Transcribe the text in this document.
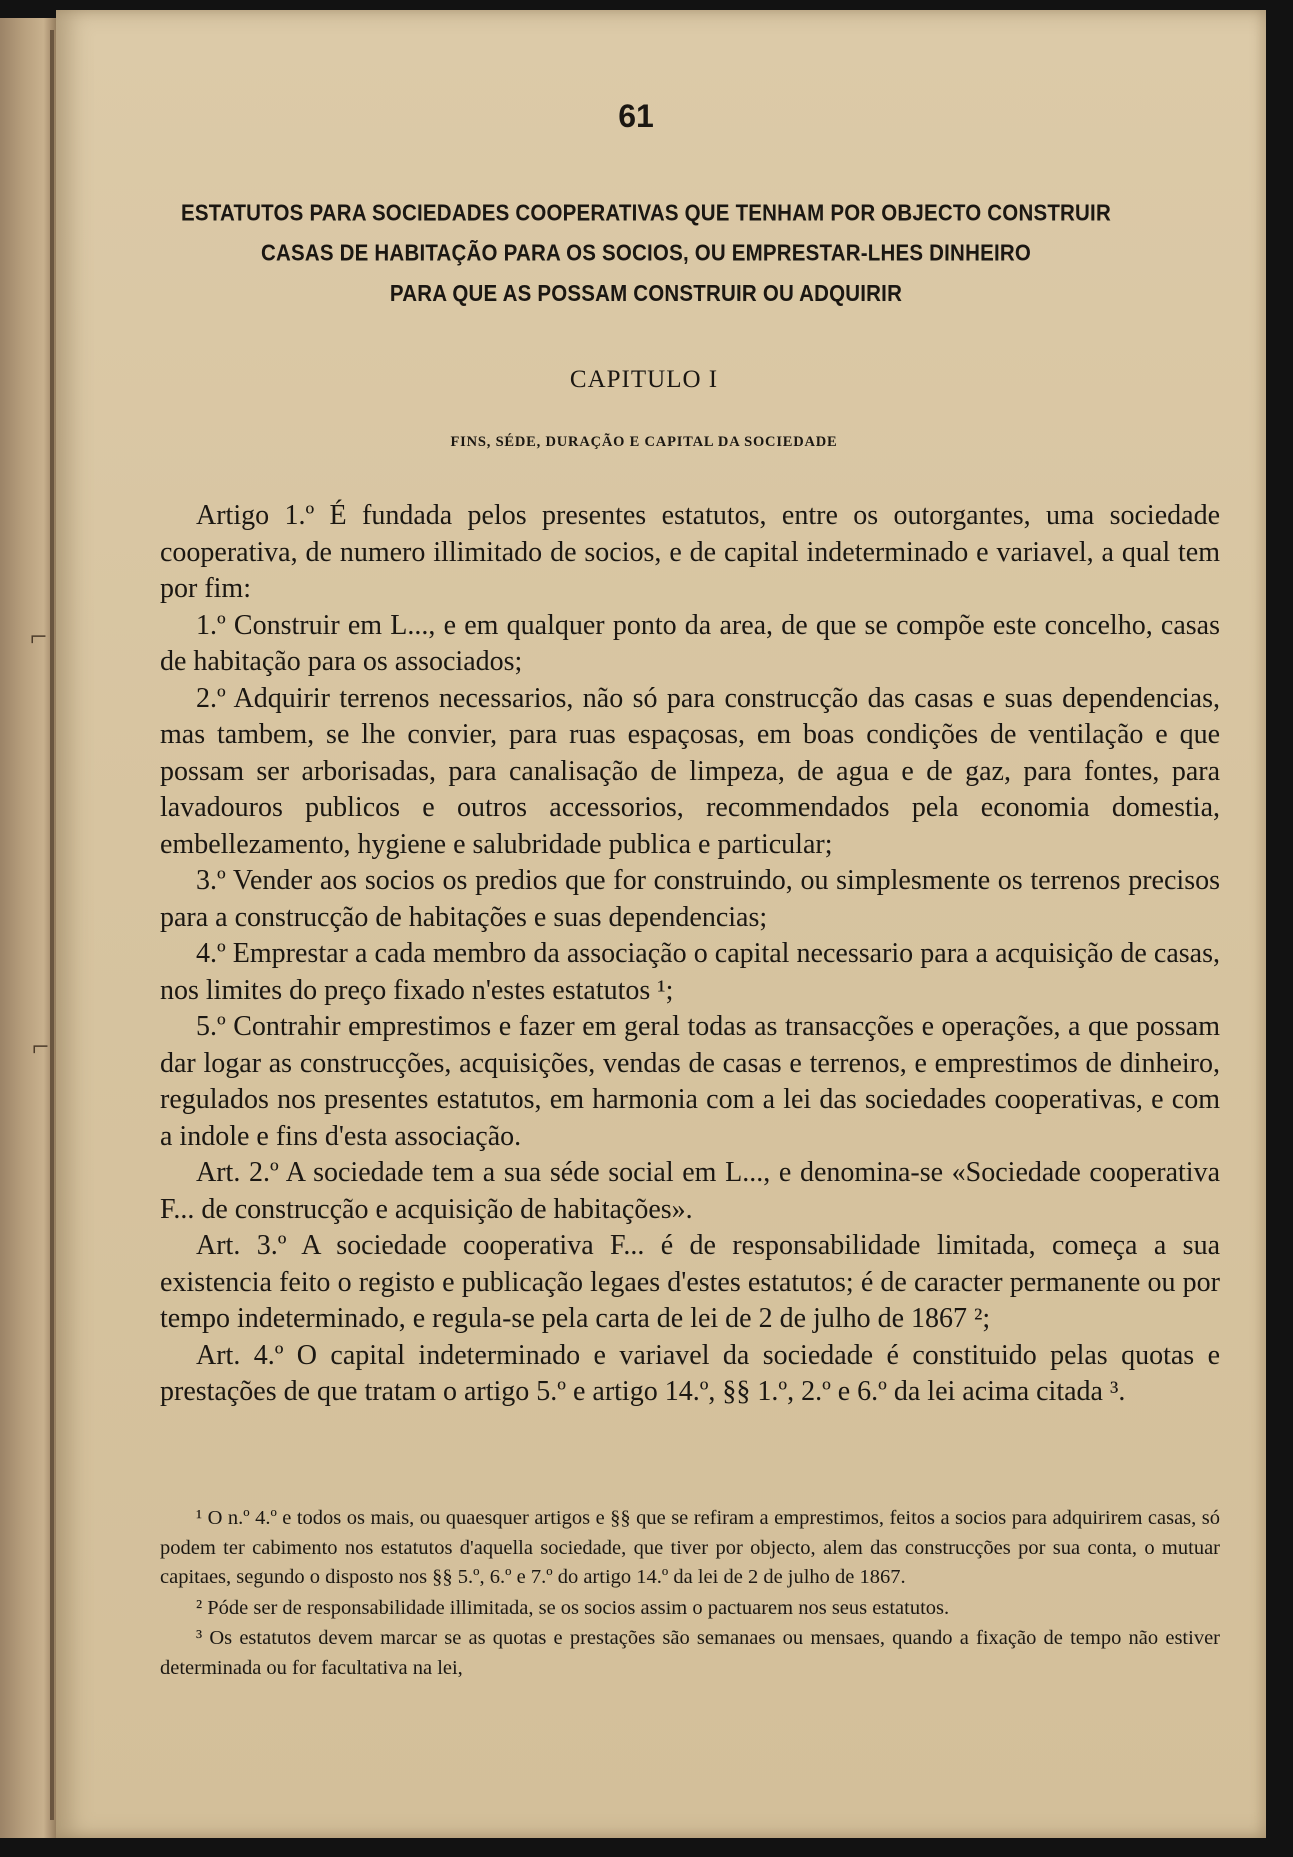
61
ESTATUTOS PARA SOCIEDADES COOPERATIVAS QUE TENHAM POR OBJECTO CONSTRUIR
CASAS DE HABITAÇÃO PARA OS SOCIOS, OU EMPRESTAR-LHES DINHEIRO
PARA QUE AS POSSAM CONSTRUIR OU ADQUIRIR
CAPITULO I
FINS, SÉDE, DURAÇÃO E CAPITAL DA SOCIEDADE

Artigo 1.º É fundada pelos presentes estatutos, entre os outorgantes, uma sociedade cooperativa, de numero illimitado de socios, e de capital indeterminado e variavel, a qual tem por fim:

1.º Construir em L..., e em qualquer ponto da area, de que se compõe este concelho, casas de habitação para os associados;

2.º Adquirir terrenos necessarios, não só para construcção das casas e suas dependencias, mas tambem, se lhe convier, para ruas espaçosas, em boas condições de ventilação e que possam ser arborisadas, para canalisação de limpeza, de agua e de gaz, para fontes, para lavadouros publicos e outros accessorios, recommendados pela economia domestia, embellezamento, hygiene e salubridade publica e particular;

3.º Vender aos socios os predios que for construindo, ou simplesmente os terrenos precisos para a construcção de habitações e suas dependencias;

4.º Emprestar a cada membro da associação o capital necessario para a acquisição de casas, nos limites do preço fixado n'estes estatutos ¹;

5.º Contrahir emprestimos e fazer em geral todas as transacções e operações, a que possam dar logar as construcções, acquisições, vendas de casas e terrenos, e emprestimos de dinheiro, regulados nos presentes estatutos, em harmonia com a lei das sociedades cooperativas, e com a indole e fins d'esta associação.

Art. 2.º A sociedade tem a sua séde social em L..., e denomina-se «Sociedade cooperativa F... de construcção e acquisição de habitações».

Art. 3.º A sociedade cooperativa F... é de responsabilidade limitada, começa a sua existencia feito o registo e publicação legaes d'estes estatutos; é de caracter permanente ou por tempo indeterminado, e regula-se pela carta de lei de 2 de julho de 1867 ²;

Art. 4.º O capital indeterminado e variavel da sociedade é constituido pelas quotas e prestações de que tratam o artigo 5.º e artigo 14.º, §§ 1.º, 2.º e 6.º da lei acima citada ³.

¹ O n.º 4.º e todos os mais, ou quaesquer artigos e §§ que se refiram a emprestimos, feitos a socios para adquirirem casas, só podem ter cabimento nos estatutos d'aquella sociedade, que tiver por objecto, alem das construcções por sua conta, o mutuar capitaes, segundo o disposto nos §§ 5.º, 6.º e 7.º do artigo 14.º da lei de 2 de julho de 1867.

² Póde ser de responsabilidade illimitada, se os socios assim o pactuarem nos seus estatutos.

³ Os estatutos devem marcar se as quotas e prestações são semanaes ou mensaes, quando a fixação de tempo não estiver determinada ou for facultativa na lei,

⌐
⌐
